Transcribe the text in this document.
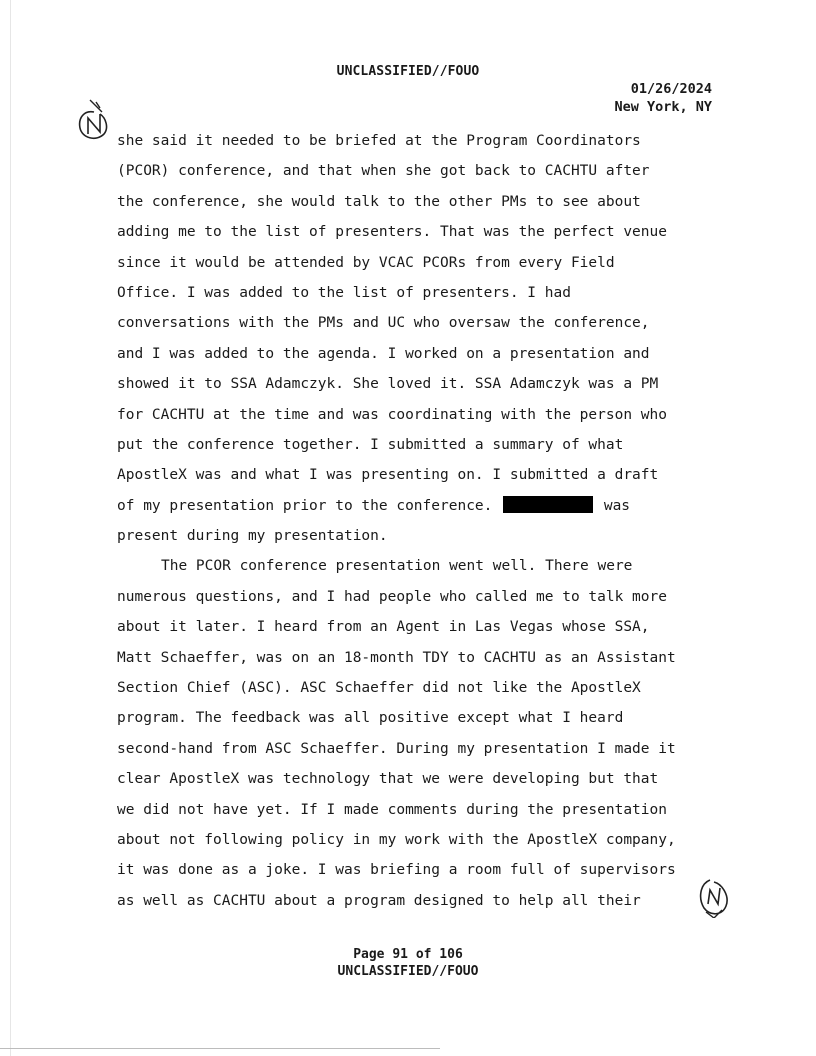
UNCLASSIFIED//FOUO
01/26/2024
New York, NY
she said it needed to be briefed at the Program Coordinators
(PCOR) conference, and that when she got back to CACHTU after
the conference, she would talk to the other PMs to see about
adding me to the list of presenters. That was the perfect venue
since it would be attended by VCAC PCORs from every Field
Office. I was added to the list of presenters. I had
conversations with the PMs and UC who oversaw the conference,
and I was added to the agenda. I worked on a presentation and
showed it to SSA Adamczyk. She loved it. SSA Adamczyk was a PM
for CACHTU at the time and was coordinating with the person who
put the conference together. I submitted a summary of what
ApostleX was and what I was presenting on. I submitted a draft
of my presentation prior to the conference.	was
present during my presentation.
The PCOR conference presentation went well. There were
numerous questions, and I had people who called me to talk more
about it later. I heard from an Agent in Las Vegas whose SSA,
Matt Schaeffer, was on an 18-month TDY to CACHTU as an Assistant
Section Chief (ASC). ASC Schaeffer did not like the ApostleX
program. The feedback was all positive except what I heard
second-hand from ASC Schaeffer. During my presentation I made it
clear ApostleX was technology that we were developing but that
we did not have yet. If I made comments during the presentation
about not following policy in my work with the ApostleX company,
it was done as a joke. I was briefing a room full of supervisors
as well as CACHTU about a program designed to help all their
Page 91 of 106
UNCLASSIFIED//FOUO
